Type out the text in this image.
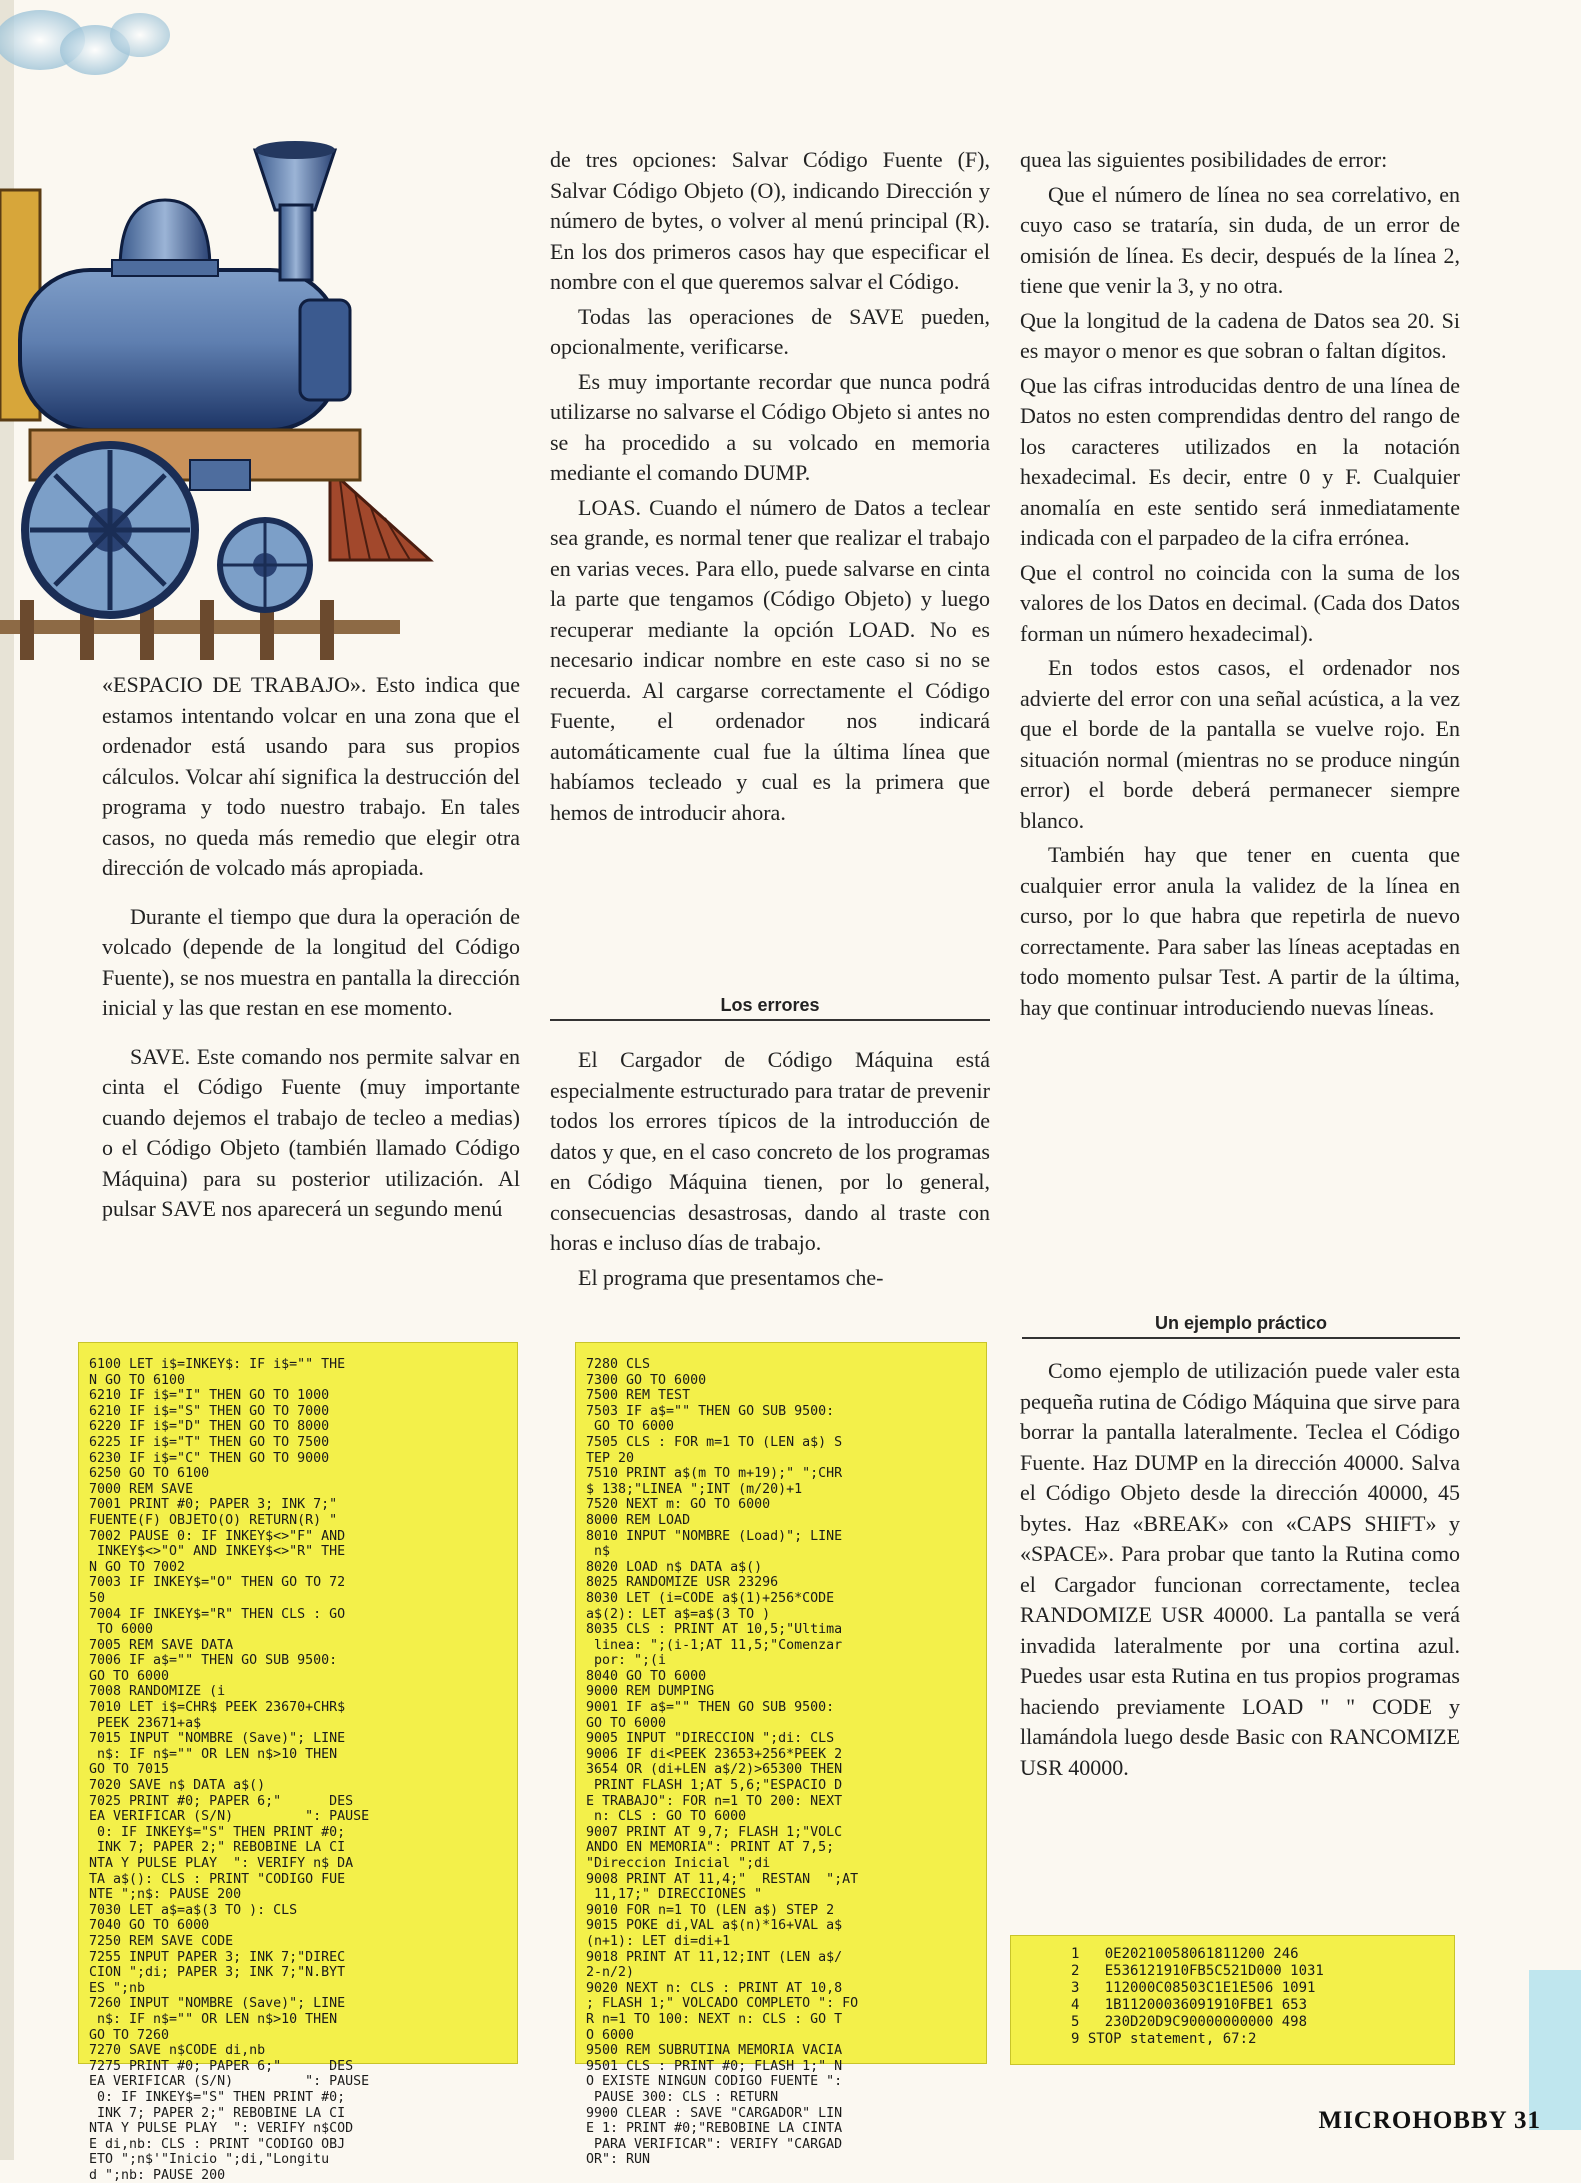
«ESPACIO DE TRABAJO». Esto indica que estamos intentando volcar en una zona que el ordenador está usando para sus propios cálculos. Volcar ahí significa la destrucción del programa y todo nuestro trabajo. En tales casos, no queda más remedio que elegir otra dirección de volcado más apropiada.

Durante el tiempo que dura la operación de volcado (depende de la longitud del Código Fuente), se nos muestra en pantalla la dirección inicial y las que restan en ese momento.

SAVE. Este comando nos permite salvar en cinta el Código Fuente (muy importante cuando dejemos el trabajo de tecleo a medias) o el Código Objeto (también llamado Código Máquina) para su posterior utilización. Al pulsar SAVE nos aparecerá un segundo menú

de tres opciones: Salvar Código Fuente (F), Salvar Código Objeto (O), indicando Dirección y número de bytes, o volver al menú principal (R). En los dos primeros casos hay que especificar el nombre con el que queremos salvar el Código.

Todas las operaciones de SAVE pueden, opcionalmente, verificarse.

Es muy importante recordar que nunca podrá utilizarse no salvarse el Código Objeto si antes no se ha procedido a su volcado en memoria mediante el comando DUMP.

LOAS. Cuando el número de Datos a teclear sea grande, es normal tener que realizar el trabajo en varias veces. Para ello, puede salvarse en cinta la parte que tengamos (Código Objeto) y luego recuperar mediante la opción LOAD. No es necesario indicar nombre en este caso si no se recuerda. Al cargarse correctamente el Código Fuente, el ordenador nos indicará automáticamente cual fue la última línea que habíamos tecleado y cual es la primera que hemos de introducir ahora.

Los errores

El Cargador de Código Máquina está especialmente estructurado para tratar de prevenir todos los errores típicos de la introducción de datos y que, en el caso concreto de los programas en Código Máquina tienen, por lo general, consecuencias desastrosas, dando al traste con horas e incluso días de trabajo.

El programa que presentamos che-

quea las siguientes posibilidades de error:

Que el número de línea no sea correlativo, en cuyo caso se trataría, sin duda, de un error de omisión de línea. Es decir, después de la línea 2, tiene que venir la 3, y no otra.

Que la longitud de la cadena de Datos sea 20. Si es mayor o menor es que sobran o faltan dígitos.

Que las cifras introducidas dentro de una línea de Datos no esten comprendidas dentro del rango de los caracteres utilizados en la notación hexadecimal. Es decir, entre 0 y F. Cualquier anomalía en este sentido será inmediatamente indicada con el parpadeo de la cifra errónea.

Que el control no coincida con la suma de los valores de los Datos en decimal. (Cada dos Datos forman un número hexadecimal).

En todos estos casos, el ordenador nos advierte del error con una señal acústica, a la vez que el borde de la pantalla se vuelve rojo. En situación normal (mientras no se produce ningún error) el borde deberá permanecer siempre blanco.

También hay que tener en cuenta que cualquier error anula la validez de la línea en curso, por lo que habra que repetirla de nuevo correctamente. Para saber las líneas aceptadas en todo momento pulsar Test. A partir de la última, hay que continuar introduciendo nuevas líneas.

Un ejemplo práctico

Como ejemplo de utilización puede valer esta pequeña rutina de Código Máquina que sirve para borrar la pantalla lateralmente. Teclea el Código Fuente. Haz DUMP en la dirección 40000. Salva el Código Objeto desde la dirección 40000, 45 bytes. Haz «BREAK» con «CAPS SHIFT» y «SPACE». Para probar que tanto la Rutina como el Cargador funcionan correctamente, teclea RANDOMIZE USR 40000. La pantalla se verá invadida lateralmente por una cortina azul. Puedes usar esta Rutina en tus propios programas haciendo previamente LOAD " " CODE y llamándola luego desde Basic con RANCOMIZE USR 40000.

6100 LET i$=INKEY$: IF i$="" THE
N GO TO 6100
6210 IF i$="I" THEN GO TO 1000
6210 IF i$="S" THEN GO TO 7000
6220 IF i$="D" THEN GO TO 8000
6225 IF i$="T" THEN GO TO 7500
6230 IF i$="C" THEN GO TO 9000
6250 GO TO 6100
7000 REM SAVE
7001 PRINT #0; PAPER 3; INK 7;"
FUENTE(F) OBJETO(O) RETURN(R) "
7002 PAUSE 0: IF INKEY$<>"F" AND
INKEY$<>"O" AND INKEY$<>"R" THE
N GO TO 7002
7003 IF INKEY$="O" THEN GO TO 72
50
7004 IF INKEY$="R" THEN CLS : GO
TO 6000
7005 REM SAVE DATA
7006 IF a$="" THEN GO SUB 9500:
GO TO 6000
7008 RANDOMIZE (i
7010 LET i$=CHR$ PEEK 23670+CHR$
PEEK 23671+a$
7015 INPUT "NOMBRE (Save)"; LINE
n$: IF n$="" OR LEN n$>10 THEN
GO TO 7015
7020 SAVE n$ DATA a$()
7025 PRINT #0; PAPER 6;"      DES
EA VERIFICAR (S/N)         ": PAUSE
0: IF INKEY$="S" THEN PRINT #0;
INK 7; PAPER 2;" REBOBINE LA CI
NTA Y PULSE PLAY  ": VERIFY n$ DA
TA a$(): CLS : PRINT "CODIGO FUE
NTE ";n$: PAUSE 200
7030 LET a$=a$(3 TO ): CLS
7040 GO TO 6000
7250 REM SAVE CODE
7255 INPUT PAPER 3; INK 7;"DIREC
CION ";di; PAPER 3; INK 7;"N.BYT
ES ";nb
7260 INPUT "NOMBRE (Save)"; LINE
n$: IF n$="" OR LEN n$>10 THEN
GO TO 7260
7270 SAVE n$CODE di,nb
7275 PRINT #0; PAPER 6;"      DES
EA VERIFICAR (S/N)         ": PAUSE
0: IF INKEY$="S" THEN PRINT #0;
INK 7; PAPER 2;" REBOBINE LA CI
NTA Y PULSE PLAY  ": VERIFY n$COD
E di,nb: CLS : PRINT "CODIGO OBJ
ETO ";n$'"Inicio ";di,"Longitu
d ";nb: PAUSE 200
7280 CLS
7300 GO TO 6000
7500 REM TEST
7503 IF a$="" THEN GO SUB 9500:
GO TO 6000
7505 CLS : FOR m=1 TO (LEN a$) S
TEP 20
7510 PRINT a$(m TO m+19);" ";CHR
$ 138;"LINEA ";INT (m/20)+1
7520 NEXT m: GO TO 6000
8000 REM LOAD
8010 INPUT "NOMBRE (Load)"; LINE
n$
8020 LOAD n$ DATA a$()
8025 RANDOMIZE USR 23296
8030 LET (i=CODE a$(1)+256*CODE
a$(2): LET a$=a$(3 TO )
8035 CLS : PRINT AT 10,5;"Ultima
linea: ";(i-1;AT 11,5;"Comenzar
por: ";(i
8040 GO TO 6000
9000 REM DUMPING
9001 IF a$="" THEN GO SUB 9500:
GO TO 6000
9005 INPUT "DIRECCION ";di: CLS
9006 IF di<PEEK 23653+256*PEEK 2
3654 OR (di+LEN a$/2)>65300 THEN
PRINT FLASH 1;AT 5,6;"ESPACIO D
E TRABAJO": FOR n=1 TO 200: NEXT
n: CLS : GO TO 6000
9007 PRINT AT 9,7; FLASH 1;"VOLC
ANDO EN MEMORIA": PRINT AT 7,5;
"Direccion Inicial ";di
9008 PRINT AT 11,4;"  RESTAN  ";AT
11,17;" DIRECCIONES "
9010 FOR n=1 TO (LEN a$) STEP 2
9015 POKE di,VAL a$(n)*16+VAL a$
(n+1): LET di=di+1
9018 PRINT AT 11,12;INT (LEN a$/
2-n/2)
9020 NEXT n: CLS : PRINT AT 10,8
; FLASH 1;" VOLCADO COMPLETO ": FO
R n=1 TO 100: NEXT n: CLS : GO T
O 6000
9500 REM SUBRUTINA MEMORIA VACIA
9501 CLS : PRINT #0; FLASH 1;" N
O EXISTE NINGUN CODIGO FUENTE ":
PAUSE 300: CLS : RETURN
9900 CLEAR : SAVE "CARGADOR" LIN
E 1: PRINT #0;"REBOBINE LA CINTA
PARA VERIFICAR": VERIFY "CARGAD
OR": RUN
1   0E20210058061811200 246
2   E536121910FB5C521D000 1031
3   112000C08503C1E1E506 1091
4   1B11200036091910FBE1 653
5   230D20D9C90000000000 498
9 STOP statement, 67:2
MICROHOBBY 31
